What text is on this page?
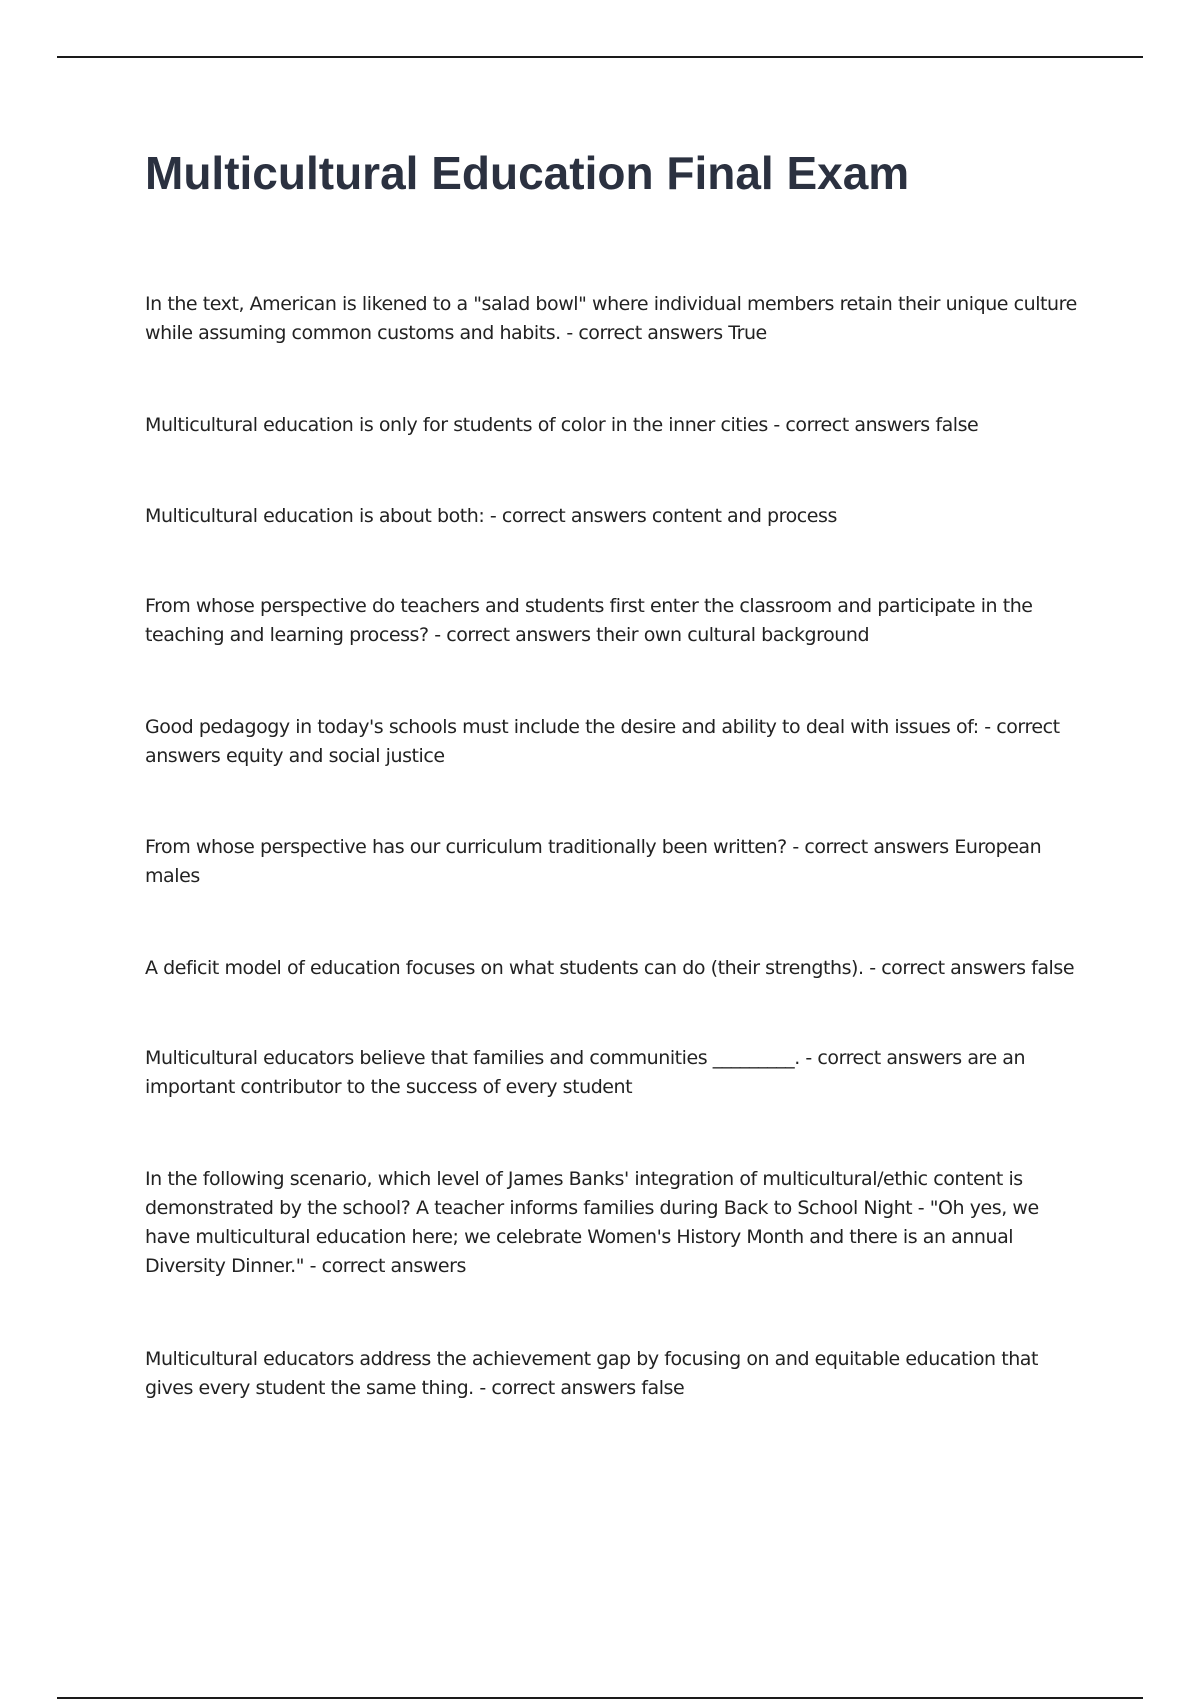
Multicultural Education Final Exam

In the text, American is likened to a "salad bowl" where individual members retain their unique culture while assuming common customs and habits. - correct answers True

Multicultural education is only for students of color in the inner cities - correct answers false

Multicultural education is about both: - correct answers content and process

From whose perspective do teachers and students first enter the classroom and participate in the teaching and learning process? - correct answers their own cultural background

Good pedagogy in today's schools must include the desire and ability to deal with issues of: - correct answers equity and social justice

From whose perspective has our curriculum traditionally been written? - correct answers European males

A deficit model of education focuses on what students can do (their strengths). - correct answers false

Multicultural educators believe that families and communities _________. - correct answers are an important contributor to the success of every student

In the following scenario, which level of James Banks' integration of multicultural/ethic content is demonstrated by the school? A teacher informs families during Back to School Night - "Oh yes, we have multicultural education here; we celebrate Women's History Month and there is an annual Diversity Dinner." - correct answers

Multicultural educators address the achievement gap by focusing on and equitable education that gives every student the same thing. - correct answers false
